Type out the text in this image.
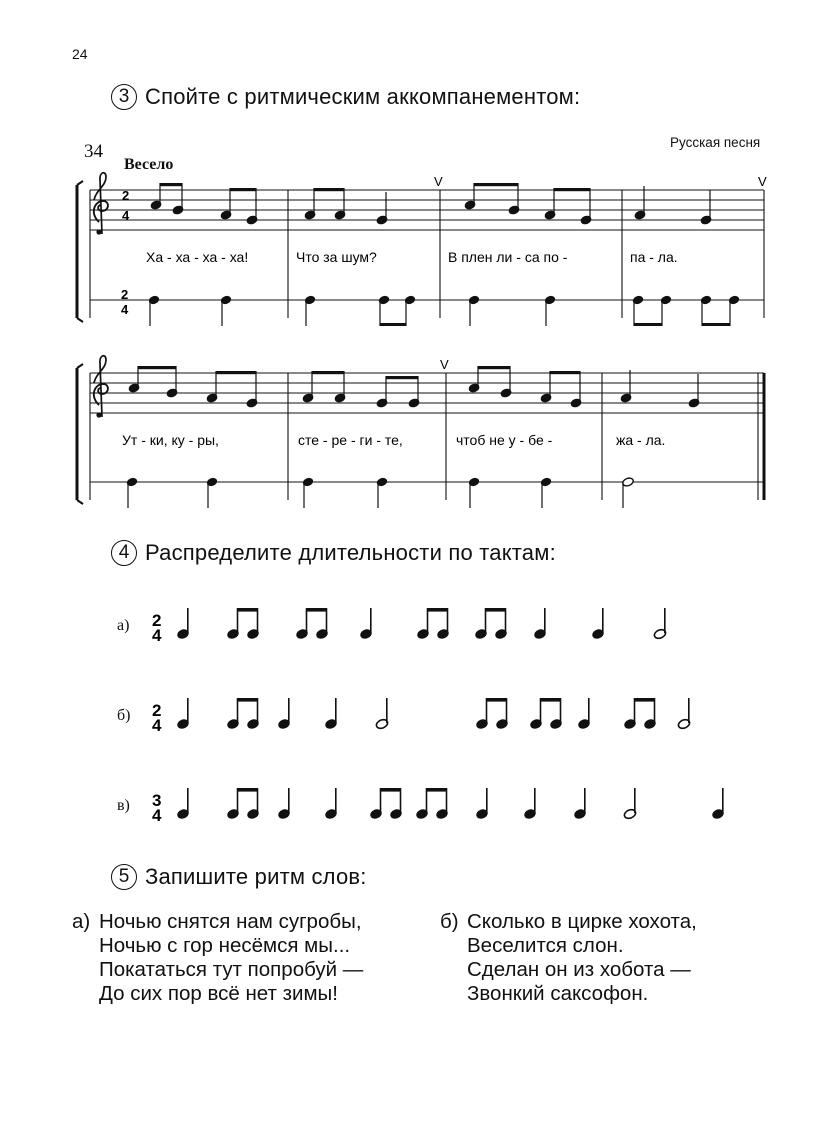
24
3 Спойте с ритмическим аккомпанементом:
34
Весело
Русская песня
2
4
2
4
V	V
Ха - ха - ха - ха!	Что за шум?	В плен ли - са по -	па - ла.
V
Ут - ки, ку - ры,	сте - ре - ги - те,	чтоб не у - бе -	жа - ла.
4 Распределите длительности по тактам:
а)
б)
в)
2
4
2
4
3
4
5 Запишите ритм слов:
а) Ночью снятся нам сугробы,
Ночью с гор несёмся мы...
Покататься тут попробуй —
До сих пор всё нет зимы!
б) Сколько в цирке хохота,
Веселится слон.
Сделан он из хобота —
Звонкий саксофон.
